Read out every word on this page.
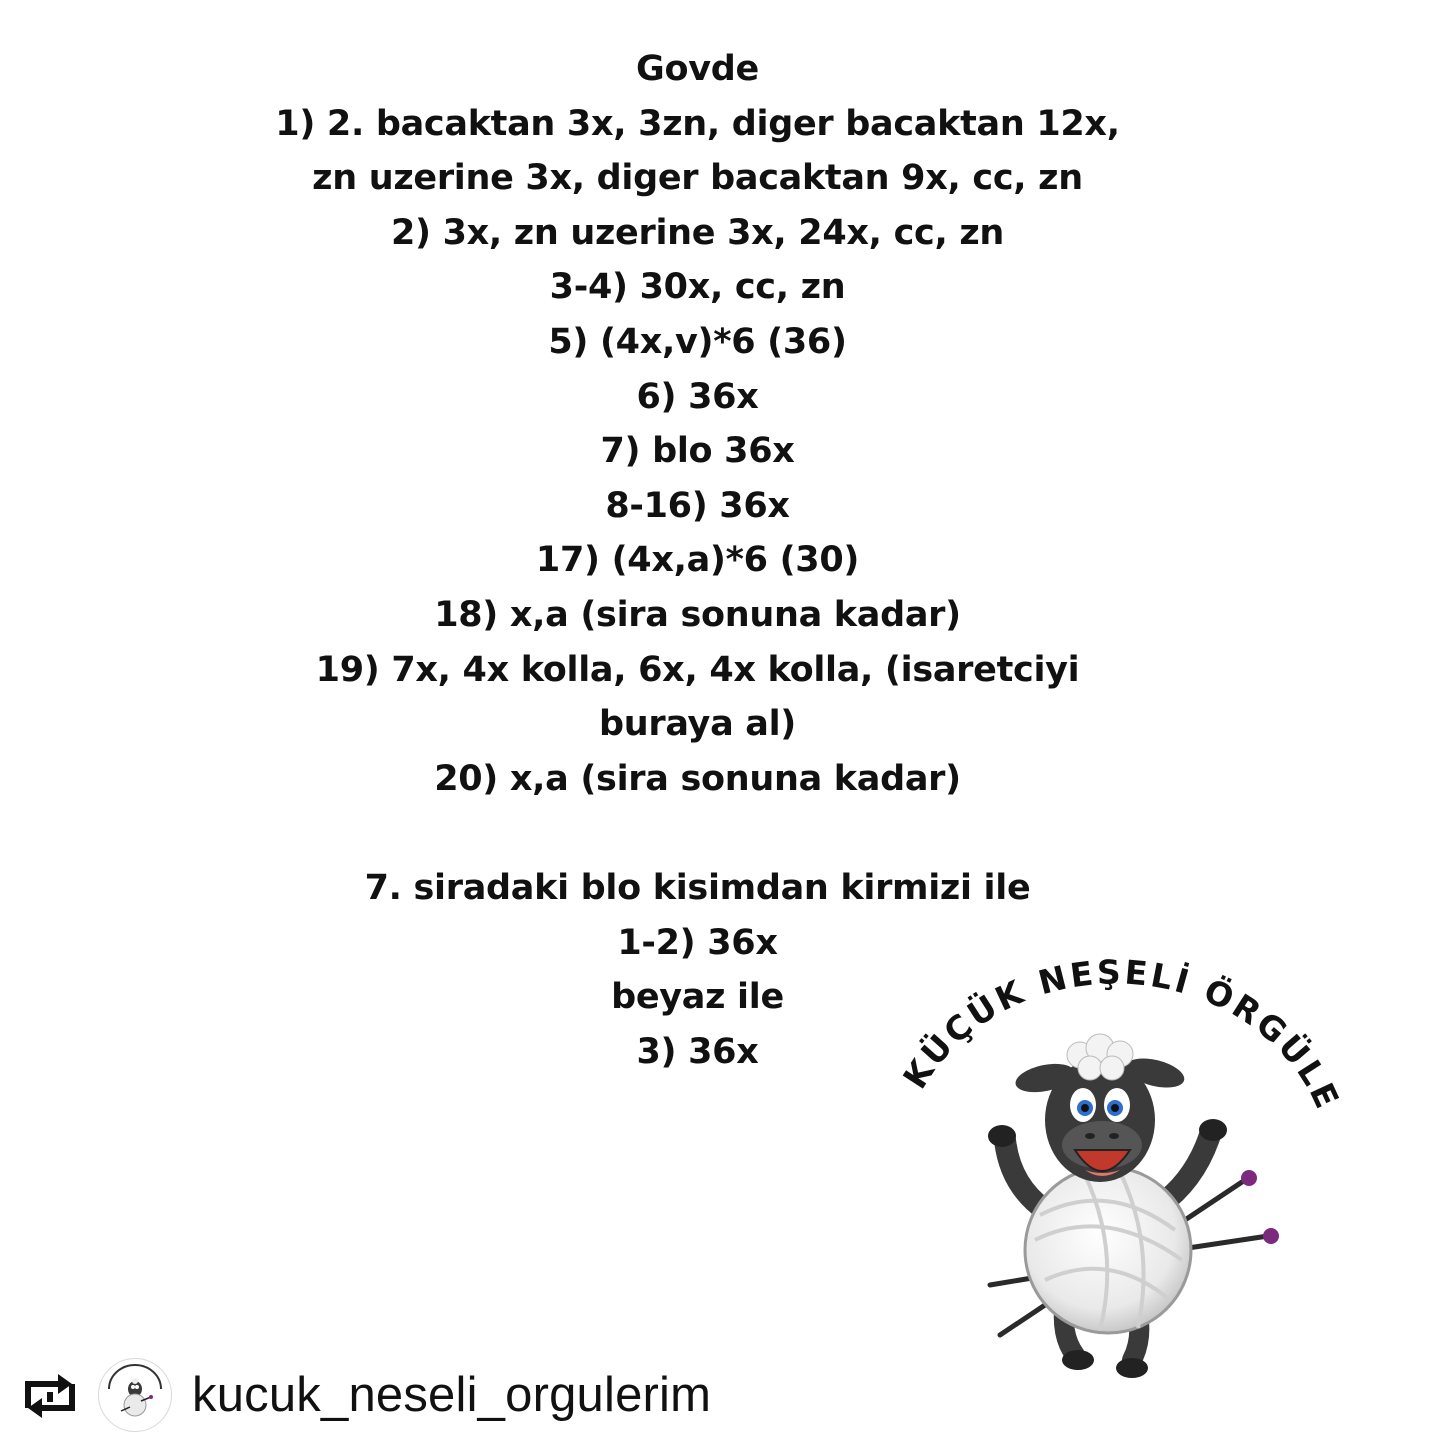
Govde
1) 2. bacaktan 3x, 3zn, diger bacaktan 12x,
zn uzerine 3x, diger bacaktan 9x, cc, zn
2) 3x, zn uzerine 3x, 24x, cc, zn
3-4) 30x, cc, zn
5) (4x,v)*6 (36)
6) 36x
7) blo 36x
8-16) 36x
17) (4x,a)*6 (30)
18) x,a (sira sonuna kadar)
19) 7x, 4x kolla, 6x, 4x kolla, (isaretciyi
buraya al)
20) x,a (sira sonuna kadar)
7. siradaki blo kisimdan kirmizi ile
1-2) 36x
beyaz ile
3) 36x	KÜÇÜK NEŞELİ ÖRGÜL
kucuk_neseli_orgulerim
